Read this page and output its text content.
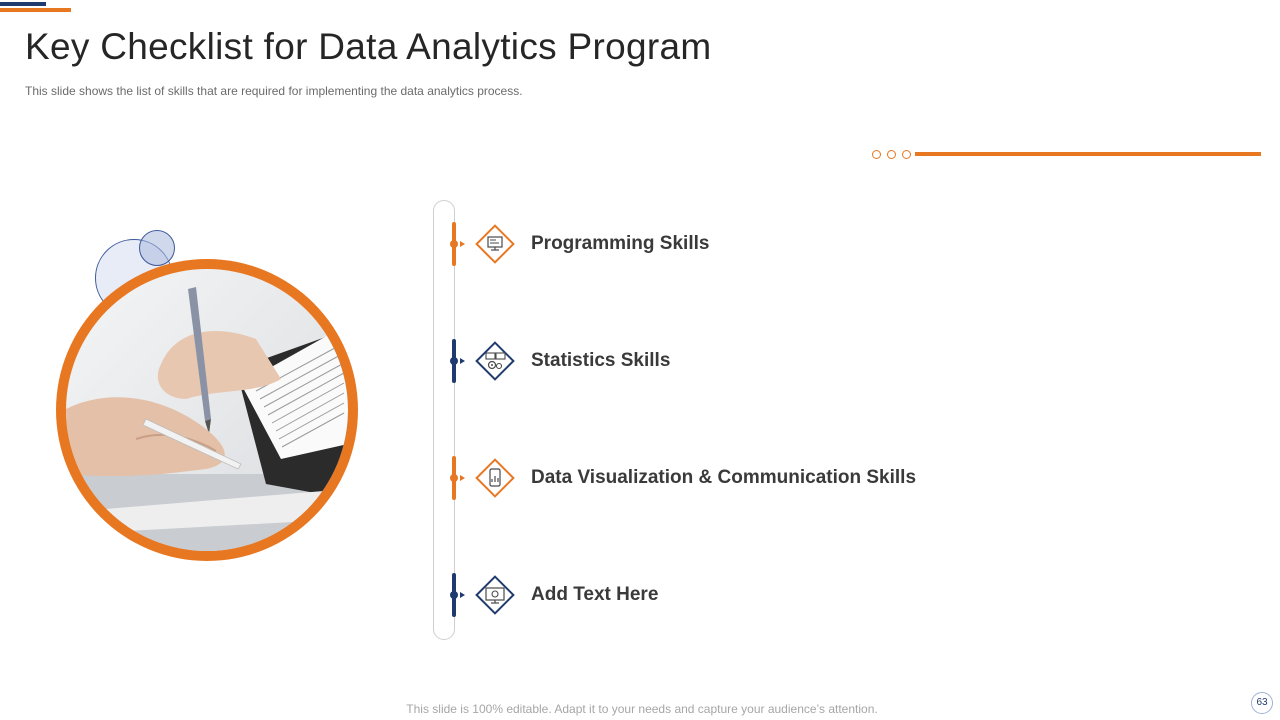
Key Checklist for Data Analytics Program

This slide shows the list of skills that are required for implementing the data analytics process.

Programming Skills

Statistics Skills

Data Visualization & Communication Skills

Add Text Here

This slide is 100% editable. Adapt it to your needs and capture your audience’s attention.	63
